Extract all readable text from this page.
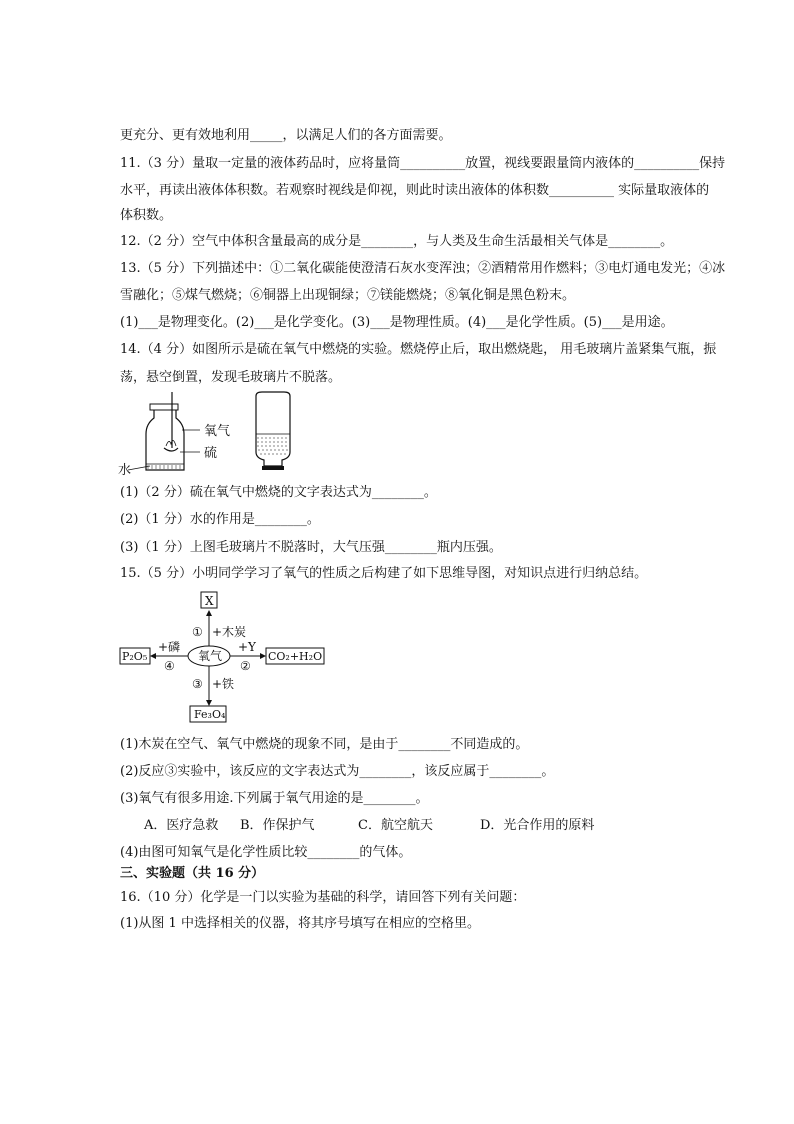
更充分、更有效地利用_____，以满足人们的各方面需要。
11.（3 分）量取一定量的液体药品时，应将量筒__________放置，视线要跟量筒内液体的__________保持
水平，再读出液体体积数。若观察时视线是仰视，则此时读出液体的体积数__________ 实际量取液体的
体积数。
12.（2 分）空气中体积含量最高的成分是________，与人类及生命生活最相关气体是________。
13.（5 分）下列描述中：①二氧化碳能使澄清石灰水变浑浊；②酒精常用作燃料；③电灯通电发光；④冰
雪融化；⑤煤气燃烧；⑥铜器上出现铜绿；⑦镁能燃烧；⑧氧化铜是黑色粉末。
(1)___是物理变化。(2)___是化学变化。(3)___是物理性质。(4)___是化学性质。(5)___是用途。
14.（4 分）如图所示是硫在氧气中燃烧的实验。燃烧停止后，取出燃烧匙， 用毛玻璃片盖紧集气瓶，振
荡，悬空倒置，发现毛玻璃片不脱落。
氧气
硫
水
(1)（2 分）硫在氧气中燃烧的文字表达式为________。
(2)（1 分）水的作用是________。
(3)（1 分）上图毛玻璃片不脱落时，大气压强________瓶内压强。
15.（5 分）小明同学学习了氧气的性质之后构建了如下思维导图，对知识点进行归纳总结。
X
氧气
① +木炭
+磷
④
+Y
②
③ +铁
P₂O₅	CO₂+H₂O
Fe₃O₄
(1)木炭在空气、氧气中燃烧的现象不同，是由于________不同造成的。
(2)反应③实验中，该反应的文字表达式为________，该反应属于________。
(3)氧气有很多用途.下列属于氧气用途的是________。
A．医疗急救 B．作保护气	C．航空航天	D．光合作用的原料
(4)由图可知氧气是化学性质比较________的气体。
三、实验题（共 16 分）
16.（10 分）化学是一门以实验为基础的科学，请回答下列有关问题：
(1)从图 1 中选择相关的仪器，将其序号填写在相应的空格里。
